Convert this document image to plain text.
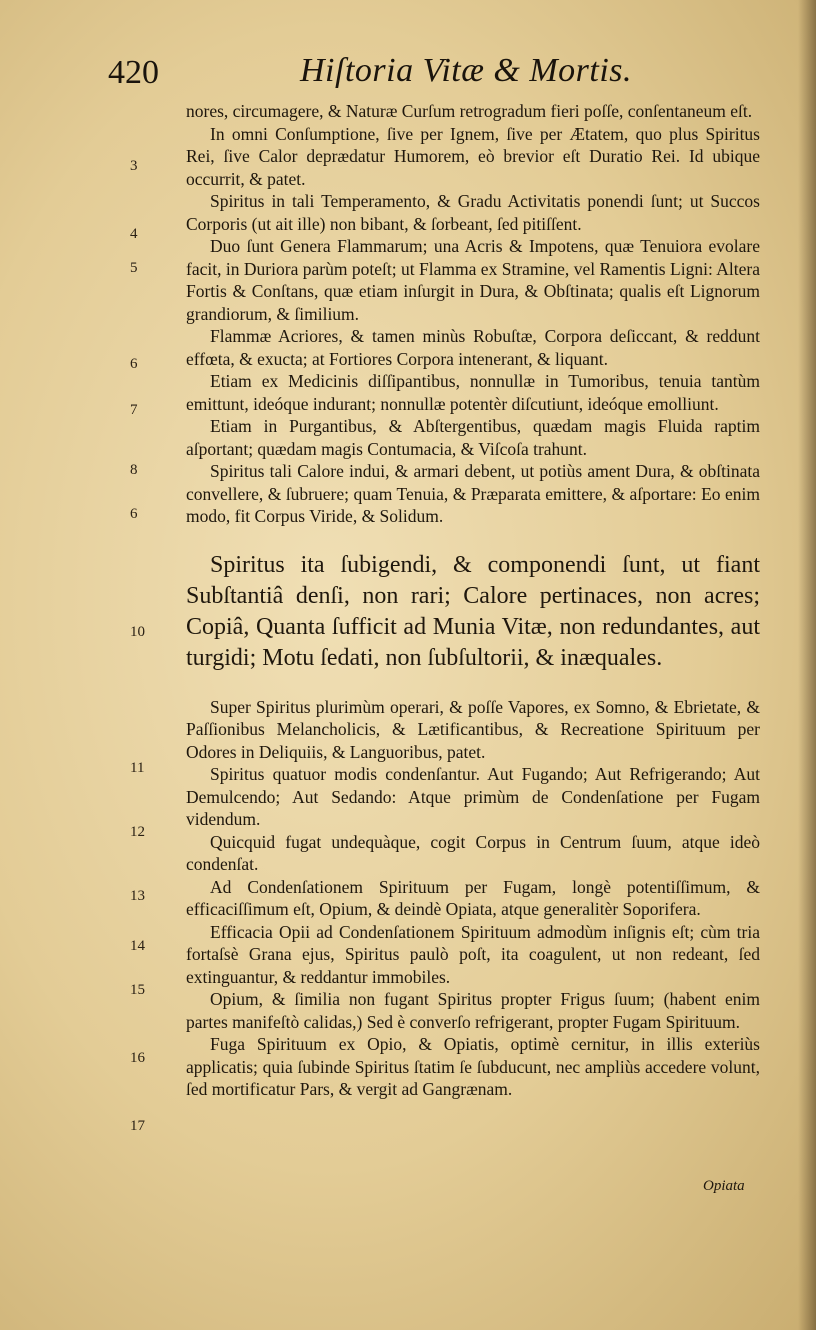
420	Hiſtoria Vitæ & Mortis.
3
4
5
6
7
8
6
10
11
12
13
14
15
16
17

nores, circumagere, & Naturæ Curſum retrogradum fieri poſſe, conſentaneum eſt.

In omni Conſumptione, ſive per Ignem, ſive per Ætatem, quo plus Spiritus Rei, ſive Calor deprædatur Humorem, eò brevior eſt Duratio Rei. Id ubique occurrit, & patet.

Spiritus in tali Temperamento, & Gradu Activitatis ponendi ſunt; ut Succos Corporis (ut ait ille) non bibant, & ſorbeant, ſed pitiſſent.

Duo ſunt Genera Flammarum; una Acris & Impotens, quæ Tenuiora evolare facit, in Duriora parùm poteſt; ut Flamma ex Stramine, vel Ramentis Ligni: Altera Fortis & Conſtans, quæ etiam inſurgit in Dura, & Obſtinata; qualis eſt Lignorum grandiorum, & ſimilium.

Flammæ Acriores, & tamen minùs Robuſtæ, Corpora deſiccant, & reddunt effœta, & exucta; at Fortiores Corpora intenerant, & liquant.

Etiam ex Medicinis diſſipantibus, nonnullæ in Tumoribus, tenuia tantùm emittunt, ideóque indurant; nonnullæ potentèr diſcutiunt, ideóque emolliunt.

Etiam in Purgantibus, & Abſtergentibus, quædam magis Fluida raptim aſportant; quædam magis Contumacia, & Viſcoſa trahunt.

Spiritus tali Calore indui, & armari debent, ut potiùs ament Dura, & obſtinata convellere, & ſubruere; quam Tenuia, & Præparata emittere, & aſportare: Eo enim modo, fit Corpus Viride, & Solidum.

Spiritus ita ſubigendi, & componendi ſunt, ut fiant Subſtantiâ denſi, non rari; Calore pertinaces, non acres; Copiâ, Quanta ſufficit ad Munia Vitæ, non redundantes, aut turgidi; Motu ſedati, non ſubſultorii, & inæquales.

Super Spiritus plurimùm operari, & poſſe Vapores, ex Somno, & Ebrietate, & Paſſionibus Melancholicis, & Lætificantibus, & Recreatione Spirituum per Odores in Deliquiis, & Languoribus, patet.

Spiritus quatuor modis condenſantur. Aut Fugando; Aut Refrigerando; Aut Demulcendo; Aut Sedando: Atque primùm de Condenſatione per Fugam videndum.

Quicquid fugat undequàque, cogit Corpus in Centrum ſuum, atque ideò condenſat.

Ad Condenſationem Spirituum per Fugam, longè potentiſſimum, & efficaciſſimum eſt, Opium, & deindè Opiata, atque generalitèr Soporifera.

Efficacia Opii ad Condenſationem Spirituum admodùm inſignis eſt; cùm tria fortaſsè Grana ejus, Spiritus paulò poſt, ita coagulent, ut non redeant, ſed extinguantur, & reddantur immobiles.

Opium, & ſimilia non fugant Spiritus propter Frigus ſuum; (habent enim partes manifeſtò calidas,) Sed è converſo refrigerant, propter Fugam Spirituum.

Fuga Spirituum ex Opio, & Opiatis, optimè cernitur, in illis exteriùs applicatis; quia ſubinde Spiritus ſtatim ſe ſubducunt, nec ampliùs accedere volunt, ſed mortificatur Pars, & vergit ad Gangrænam.

Opiata
